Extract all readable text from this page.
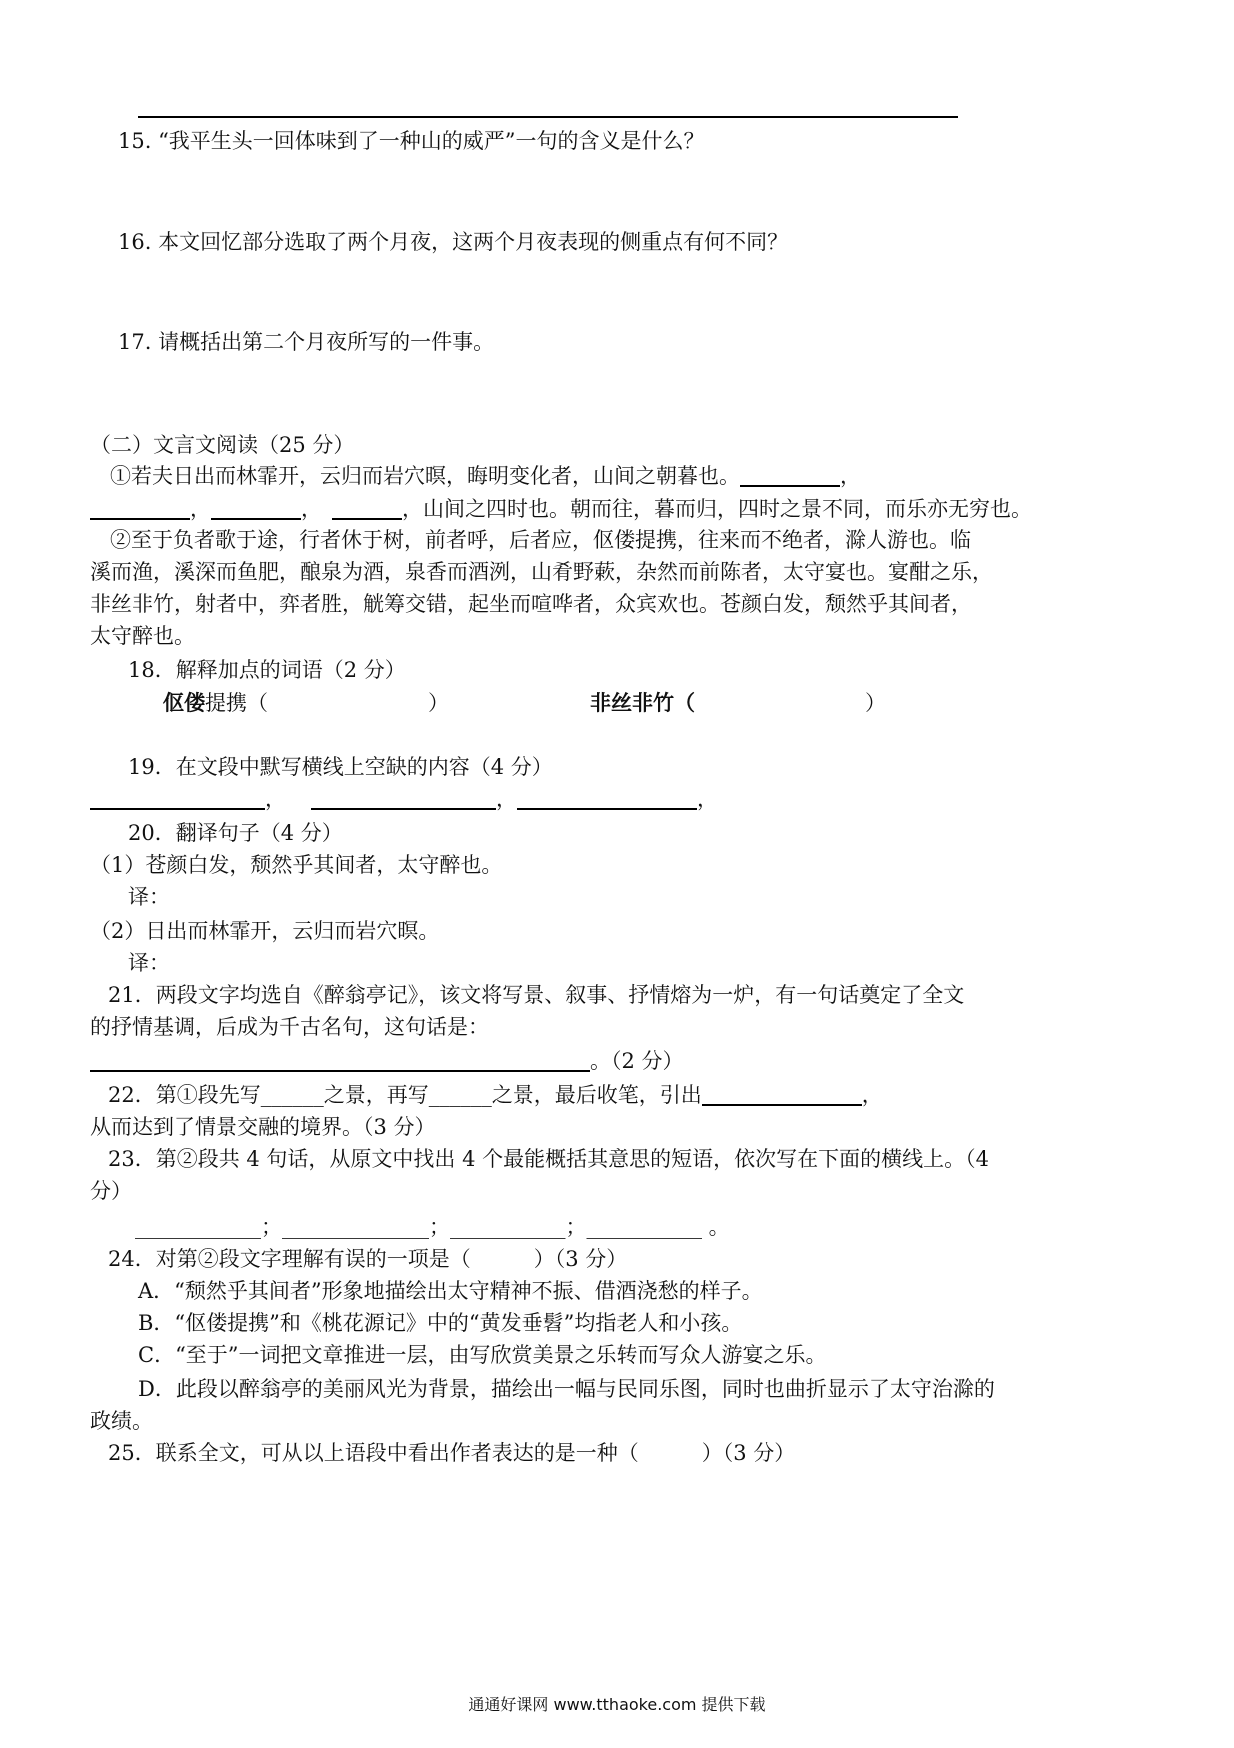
15. “我平生头一回体味到了一种山的威严”一句的含义是什么？
16. 本文回忆部分选取了两个月夜，这两个月夜表现的侧重点有何不同？
17. 请概括出第二个月夜所写的一件事。
（二）文言文阅读（25 分）
①若夫日出而林霏开，云归而岩穴暝，晦明变化者，山间之朝暮也。	，
，	，	，山间之四时也。朝而往，暮而归，四时之景不同，而乐亦无穷也。
②至于负者歌于途，行者休于树，前者呼，后者应，伛偻提携，往来而不绝者，滁人游也。临
溪而渔，溪深而鱼肥，酿泉为酒，泉香而酒洌，山肴野蔌，杂然而前陈者，太守宴也。宴酣之乐，
非丝非竹，射者中，弈者胜，觥筹交错，起坐而喧哗者，众宾欢也。苍颜白发，颓然乎其间者，
太守醉也。
18．解释加点的词语（2 分）
伛偻提携（	）	非丝非竹（	）
19．在文段中默写横线上空缺的内容（4 分）
，	，	，
20．翻译句子（4 分）
（1）苍颜白发，颓然乎其间者，太守醉也。
译：
（2）日出而林霏开，云归而岩穴暝。
译：
21．两段文字均选自《醉翁亭记》，该文将写景、叙事、抒情熔为一炉，有一句话奠定了全文
的抒情基调，后成为千古名句，这句话是：
。（2 分）
22．第①段先写______之景，再写______之景，最后收笔，引出	，
从而达到了情景交融的境界。（3 分）
23．第②段共 4 句话，从原文中找出 4 个最能概括其意思的短语，依次写在下面的横线上。（4
分）
____________；______________；___________；___________ 。
24．对第②段文字理解有误的一项是（　　　）（3 分）
A．“颓然乎其间者”形象地描绘出太守精神不振、借酒浇愁的样子。
B．“伛偻提携”和《桃花源记》中的“黄发垂髫”均指老人和小孩。
C．“至于”一词把文章推进一层，由写欣赏美景之乐转而写众人游宴之乐。
D．此段以醉翁亭的美丽风光为背景，描绘出一幅与民同乐图，同时也曲折显示了太守治滁的
政绩。
25．联系全文，可从以上语段中看出作者表达的是一种（　　　）（3 分）
通通好课网 www.tthaoke.com 提供下载
